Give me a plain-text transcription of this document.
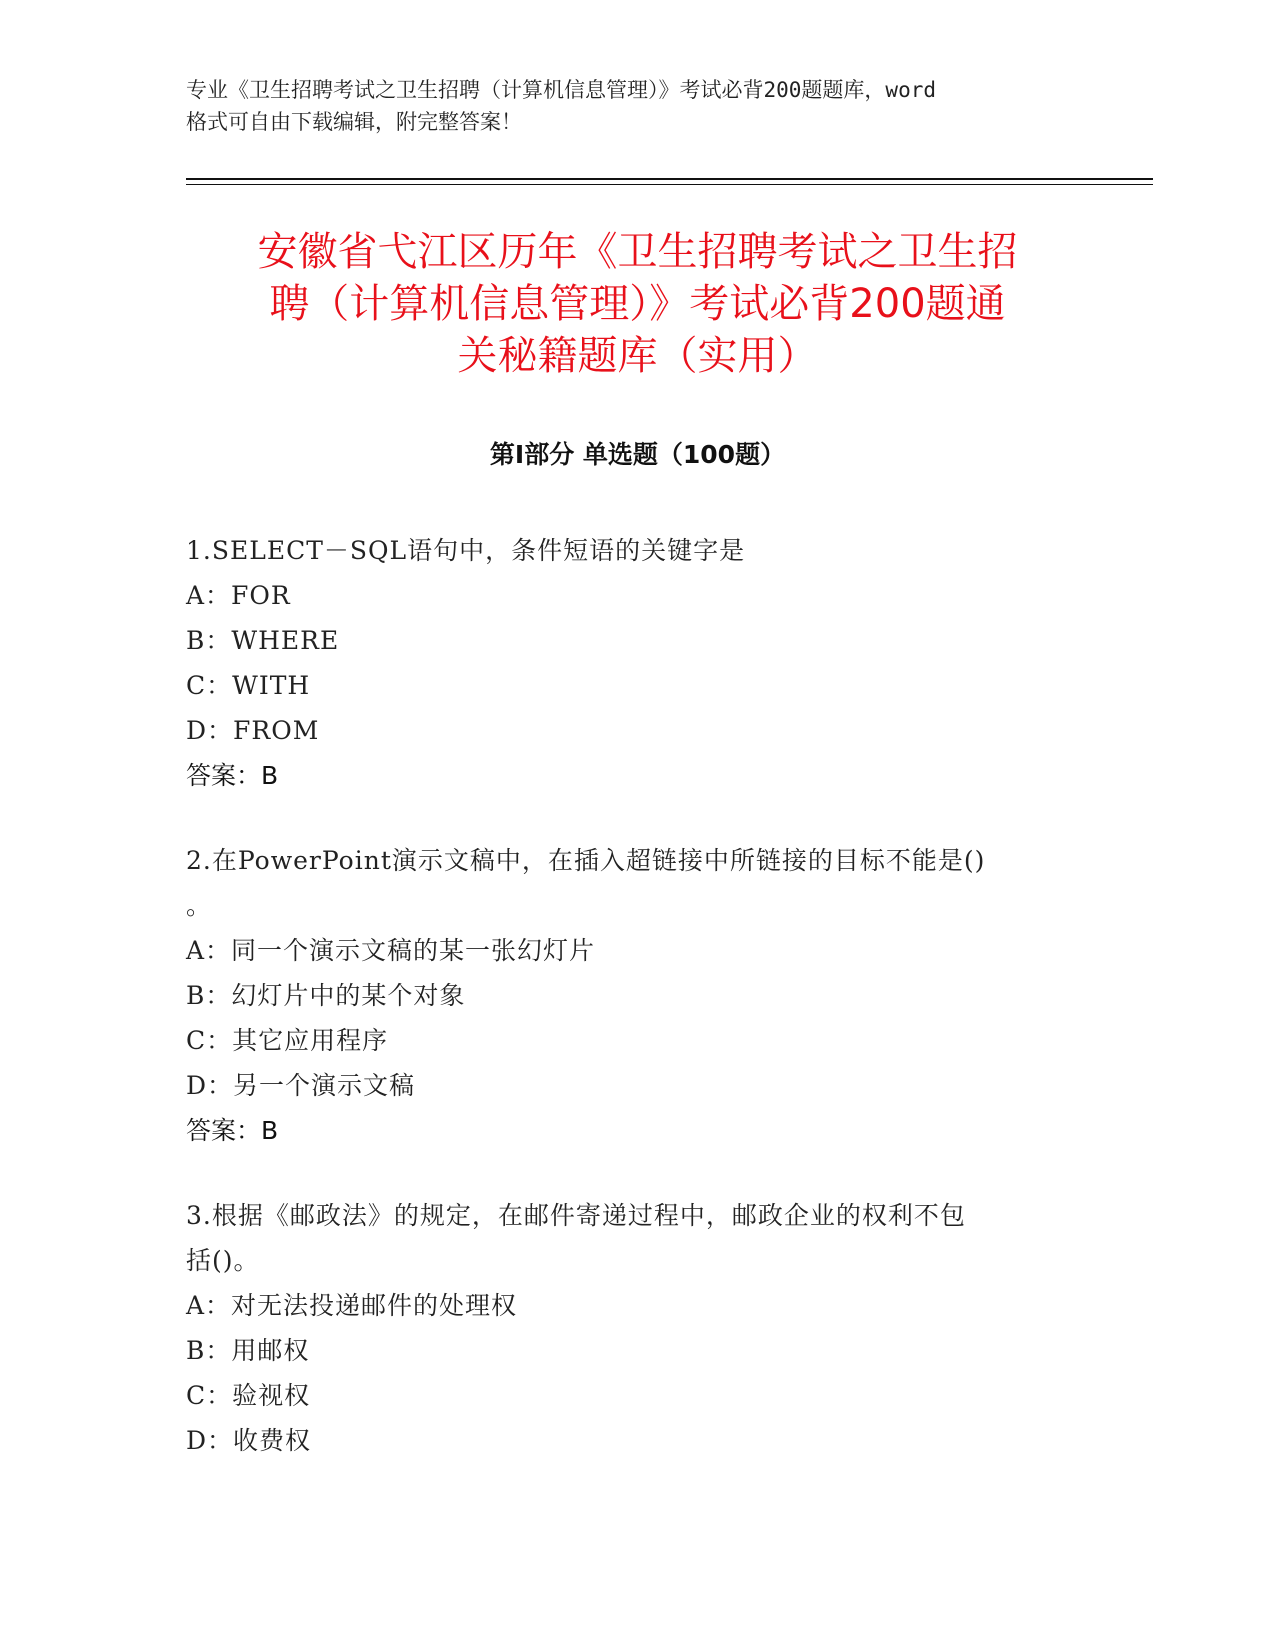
专业《卫生招聘考试之卫生招聘（计算机信息管理）》考试必背200题题库，word
格式可自由下载编辑，附完整答案！
安徽省弋江区历年《卫生招聘考试之卫生招
聘（计算机信息管理）》考试必背200题通
关秘籍题库（实用）
第Ⅰ部分 单选题（100题）

1.SELECT－SQL语句中，条件短语的关键字是

A：FOR

B：WHERE

C：WITH

D：FROM

答案：B

2.在PowerPoint演示文稿中，在插入超链接中所链接的目标不能是()

。

A：同一个演示文稿的某一张幻灯片

B：幻灯片中的某个对象

C：其它应用程序

D：另一个演示文稿

答案：B

3.根据《邮政法》的规定，在邮件寄递过程中，邮政企业的权利不包

括()。

A：对无法投递邮件的处理权

B：用邮权

C：验视权

D：收费权
